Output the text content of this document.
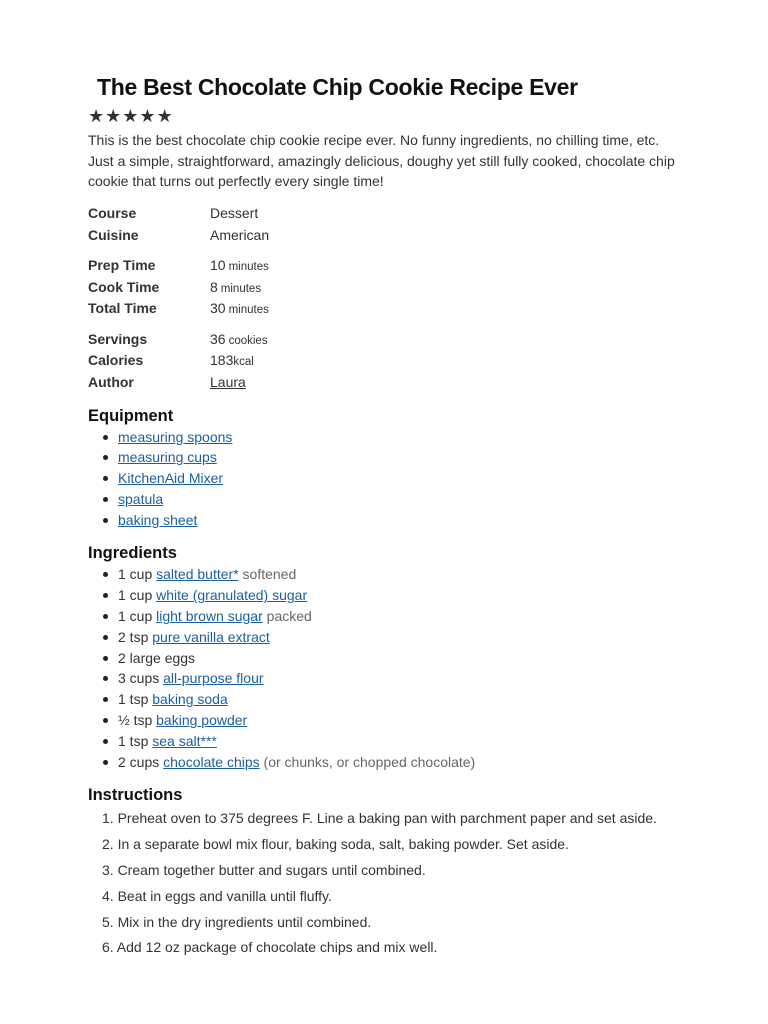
The Best Chocolate Chip Cookie Recipe Ever
★ ★ ★ ★ ★

This is the best chocolate chip cookie recipe ever. No funny ingredients, no chilling time, etc. Just a simple, straightforward, amazingly delicious, doughy yet still fully cooked, chocolate chip cookie that turns out perfectly every single time!

Course	Dessert
Cuisine	American
Prep Time	10 minutes
Cook Time	8 minutes
Total Time	30 minutes
Servings	36 cookies
Calories	183kcal
Author	Laura
Equipment
measuring spoons
measuring cups
KitchenAid Mixer
spatula
baking sheet
Ingredients
1 cup salted butter* softened
1 cup white (granulated) sugar
1 cup light brown sugar packed
2 tsp pure vanilla extract
2 large eggs
3 cups all-purpose flour
1 tsp baking soda
½ tsp baking powder
1 tsp sea salt***
2 cups chocolate chips (or chunks, or chopped chocolate)
Instructions
1. Preheat oven to 375 degrees F. Line a baking pan with parchment paper and set aside.
2. In a separate bowl mix flour, baking soda, salt, baking powder. Set aside.
3. Cream together butter and sugars until combined.
4. Beat in eggs and vanilla until fluffy.
5. Mix in the dry ingredients until combined.
6. Add 12 oz package of chocolate chips and mix well.
